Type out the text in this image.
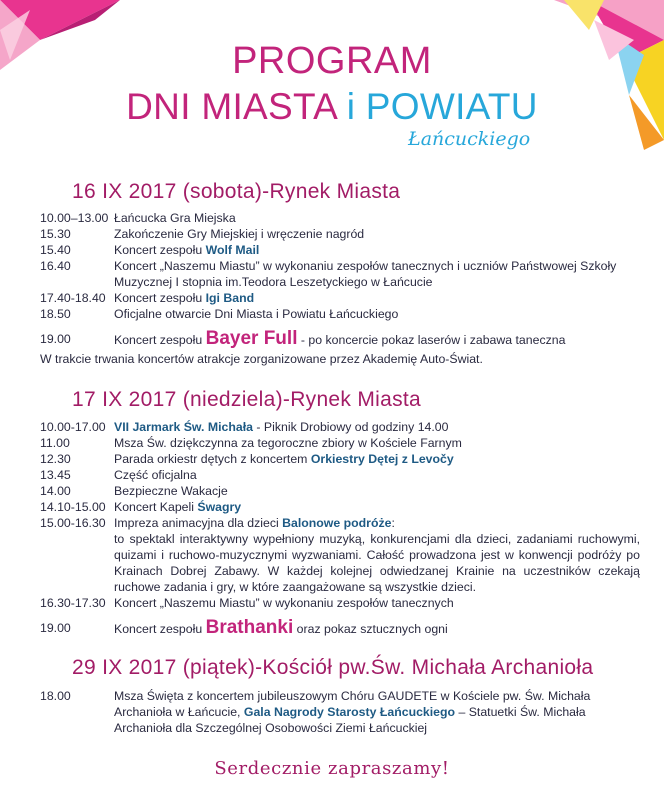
PROGRAM
DNI MIASTA i POWIATU
Łańcuckiego
16 IX 2017 (sobota)-Rynek Miasta
10.00–13.00 Łańcucka Gra Miejska
15.30	Zakończenie Gry Miejskiej i wręczenie nagród
15.40	Koncert zespołu Wolf Mail
16.40	Koncert „Naszemu Miastu” w wykonaniu zespołów tanecznych i uczniów Państwowej Szkoły Muzycznej I stopnia im.Teodora Leszetyckiego w Łańcucie
17.40-18.40 Koncert zespołu Igi Band
18.50	Oficjalne otwarcie Dni Miasta i Powiatu Łańcuckiego
19.00	Koncert zespołu Bayer Full - po koncercie pokaz laserów i zabawa taneczna
W trakcie trwania koncertów atrakcje zorganizowane przez Akademię Auto-Świat.
17 IX 2017 (niedziela)-Rynek Miasta
10.00-17.00 VII Jarmark Św. Michała - Piknik Drobiowy od godziny 14.00
11.00	Msza Św. dziękczynna za tegoroczne zbiory w Kościele Farnym
12.30	Parada orkiestr dętych z koncertem Orkiestry Dętej z Levočy
13.45	Część oficjalna
14.00	Bezpieczne Wakacje
14.10-15.00 Koncert Kapeli Śwagry
15.00-16.30 Impreza animacyjna dla dzieci Balonowe podróże:

to spektakl interaktywny wypełniony muzyką, konkurencjami dla dzieci, zadaniami ruchowymi, quizami i ruchowo-muzycznymi wyzwaniami. Całość prowadzona jest w konwencji podróży po Krainach Dobrej Zabawy. W każdej kolejnej odwiedzanej Krainie na uczestników czekają ruchowe zadania i gry, w które zaangażowane są wszystkie dzieci.
16.30-17.30 Koncert „Naszemu Miastu” w wykonaniu zespołów tanecznych
19.00	Koncert zespołu Brathanki oraz pokaz sztucznych ogni
29 IX 2017 (piątek)-Kościół pw.Św. Michała Archanioła
18.00	Msza Święta z koncertem jubileuszowym Chóru GAUDETE w Kościele pw. Św. Michała Archanioła w Łańcucie, Gala Nagrody Starosty Łańcuckiego – Statuetki Św. Michała Archanioła dla Szczególnej Osobowości Ziemi Łańcuckiej
Serdecznie zapraszamy!
